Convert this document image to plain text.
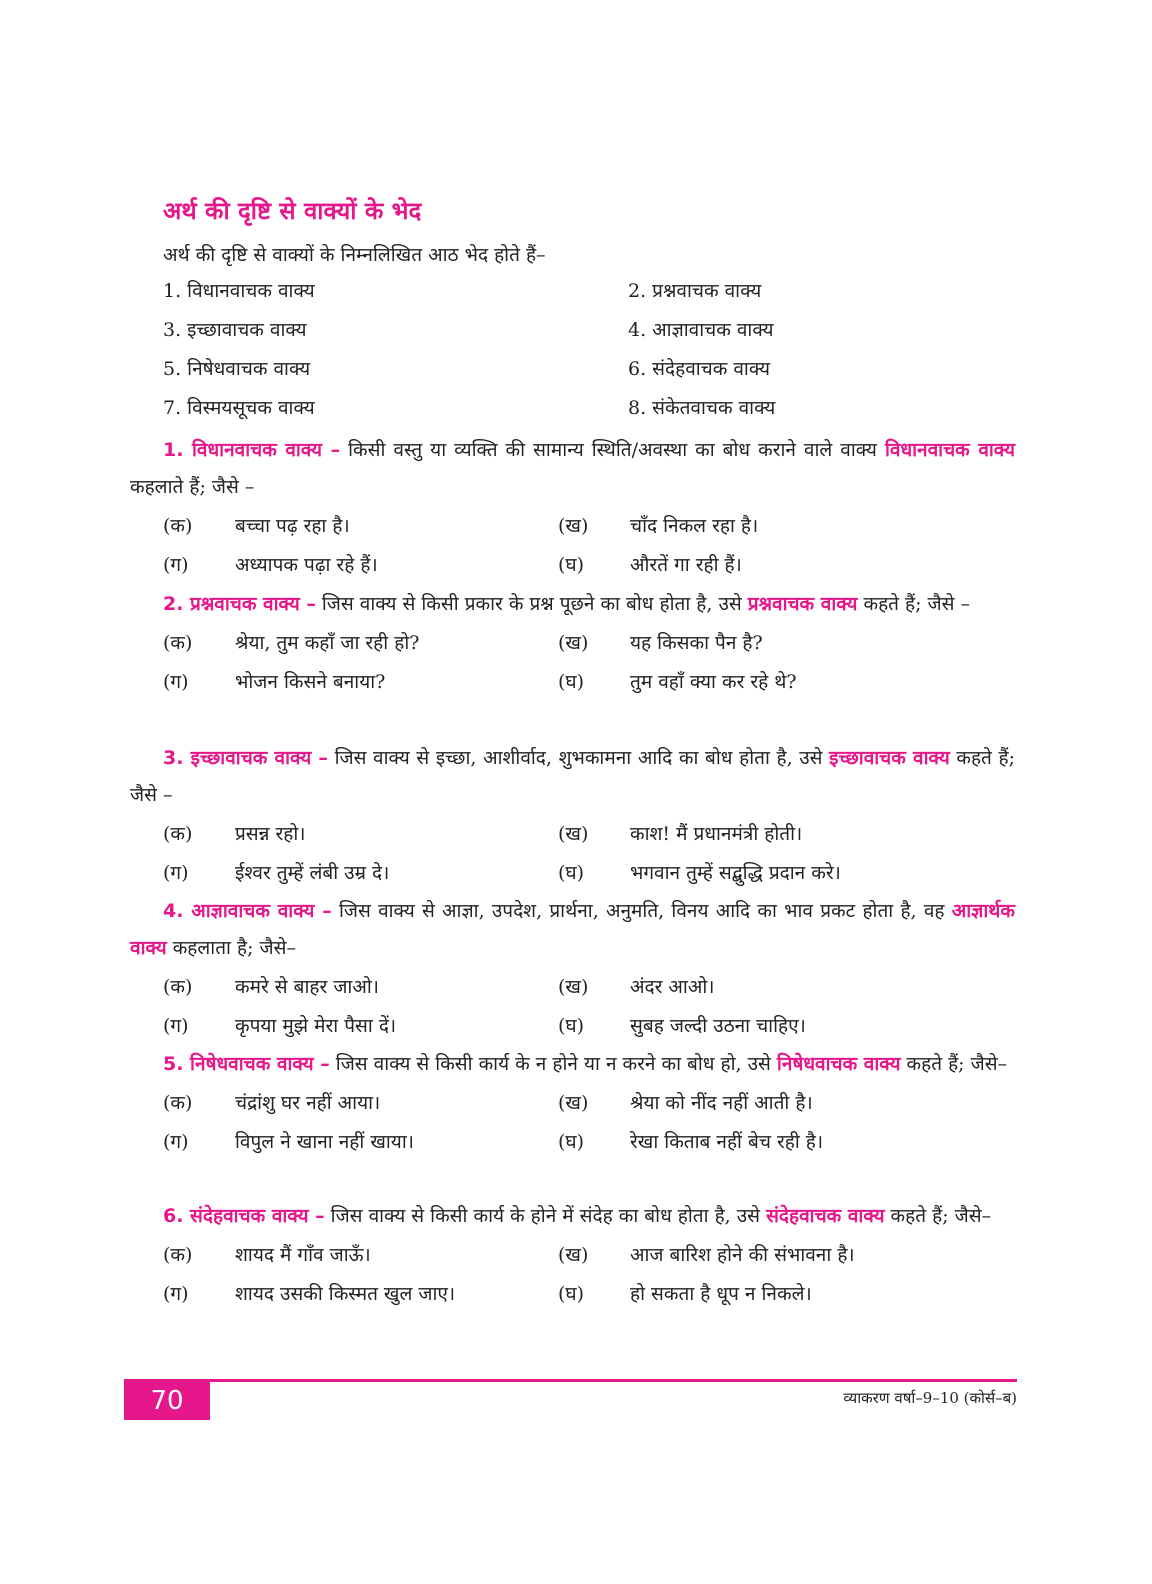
अर्थ की दृष्टि से वाक्यों के भेद
अर्थ की दृष्टि से वाक्यों के निम्नलिखित आठ भेद होते हैं–
1. विधानवाचक वाक्य	2. प्रश्नवाचक वाक्य
3. इच्छावाचक वाक्य	4. आज्ञावाचक वाक्य
5. निषेधवाचक वाक्य	6. संदेहवाचक वाक्य
7. विस्मयसूचक वाक्य	8. संकेतवाचक वाक्य

1. विधानवाचक वाक्य – किसी वस्तु या व्यक्ति की सामान्य स्थिति/अवस्था का बोध कराने वाले वाक्य विधानवाचक वाक्य कहलाते हैं; जैसे –

(क)	बच्चा पढ़ रहा है।	(ख)	चाँद निकल रहा है।
(ग)	अध्यापक पढ़ा रहे हैं।	(घ)	औरतें गा रही हैं।

2. प्रश्नवाचक वाक्य – जिस वाक्य से किसी प्रकार के प्रश्न पूछने का बोध होता है, उसे प्रश्नवाचक वाक्य कहते हैं; जैसे –

(क)	श्रेया, तुम कहाँ जा रही हो?	(ख)	यह किसका पैन है?
(ग)	भोजन किसने बनाया?	(घ)	तुम वहाँ क्या कर रहे थे?

3. इच्छावाचक वाक्य – जिस वाक्य से इच्छा, आशीर्वाद, शुभकामना आदि का बोध होता है, उसे इच्छावाचक वाक्य कहते हैं; जैसे –

(क)	प्रसन्न रहो।	(ख)	काश! मैं प्रधानमंत्री होती।
(ग)	ईश्वर तुम्हें लंबी उम्र दे।	(घ)	भगवान तुम्हें सद्बुद्धि प्रदान करे।

4. आज्ञावाचक वाक्य – जिस वाक्य से आज्ञा, उपदेश, प्रार्थना, अनुमति, विनय आदि का भाव प्रकट होता है, वह आज्ञार्थक वाक्य कहलाता है; जैसे–

(क)	कमरे से बाहर जाओ।	(ख)	अंदर आओ।
(ग)	कृपया मुझे मेरा पैसा दें।	(घ)	सुबह जल्दी उठना चाहिए।

5. निषेधवाचक वाक्य – जिस वाक्य से किसी कार्य के न होने या न करने का बोध हो, उसे निषेधवाचक वाक्य कहते हैं; जैसे–

(क)	चंद्रांशु घर नहीं आया।	(ख)	श्रेया को नींद नहीं आती है।
(ग)	विपुल ने खाना नहीं खाया।	(घ)	रेखा किताब नहीं बेच रही है।

6. संदेहवाचक वाक्य – जिस वाक्य से किसी कार्य के होने में संदेह का बोध होता है, उसे संदेहवाचक वाक्य कहते हैं; जैसे–

(क)	शायद मैं गाँव जाऊँ।	(ख)	आज बारिश होने की संभावना है।
(ग)	शायद उसकी किस्मत खुल जाए।	(घ)	हो सकता है धूप न निकले।
70	व्याकरण वर्षा–9–10 (कोर्स–ब)
